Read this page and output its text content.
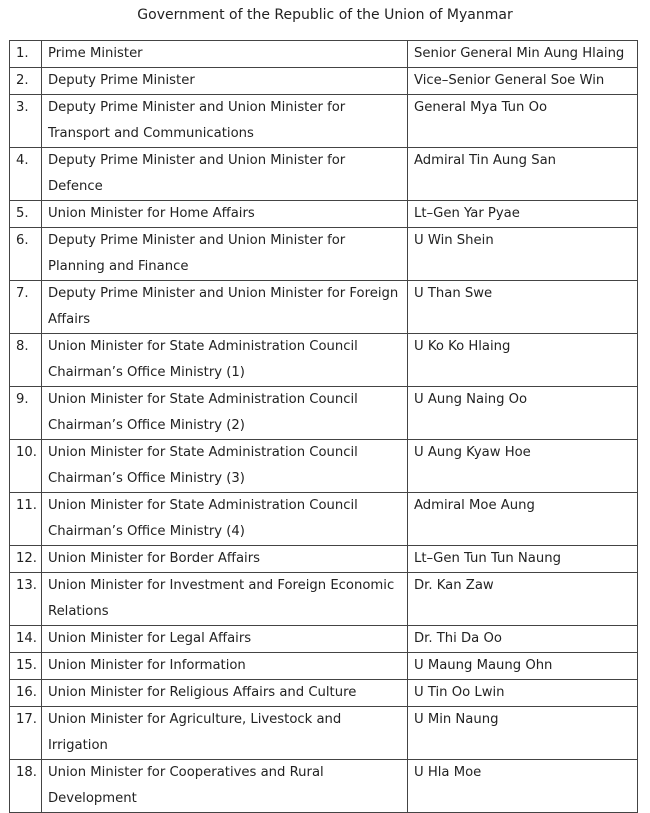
Government of the Republic of the Union of Myanmar
1.	Prime Minister	Senior General Min Aung Hlaing
2.	Deputy Prime Minister	Vice–Senior General Soe Win
3.	Deputy Prime Minister and Union Minister for Transport and Communications	General Mya Tun Oo
4.	Deputy Prime Minister and Union Minister for Defence	Admiral Tin Aung San
5.	Union Minister for Home Affairs	Lt–Gen Yar Pyae
6.	Deputy Prime Minister and Union Minister for Planning and Finance	U Win Shein
7.	Deputy Prime Minister and Union Minister for Foreign Affairs	U Than Swe
8.	Union Minister for State Administration Council Chairman’s Office Ministry (1)	U Ko Ko Hlaing
9.	Union Minister for State Administration Council Chairman’s Office Ministry (2)	U Aung Naing Oo
10.	Union Minister for State Administration Council Chairman’s Office Ministry (3)	U Aung Kyaw Hoe
11.	Union Minister for State Administration Council Chairman’s Office Ministry (4)	Admiral Moe Aung
12.	Union Minister for Border Affairs	Lt–Gen Tun Tun Naung
13.	Union Minister for Investment and Foreign Economic Relations	Dr. Kan Zaw
14.	Union Minister for Legal Affairs	Dr. Thi Da Oo
15.	Union Minister for Information	U Maung Maung Ohn
16.	Union Minister for Religious Affairs and Culture	U Tin Oo Lwin
17.	Union Minister for Agriculture, Livestock and Irrigation	U Min Naung
18.	Union Minister for Cooperatives and Rural Development	U Hla Moe
